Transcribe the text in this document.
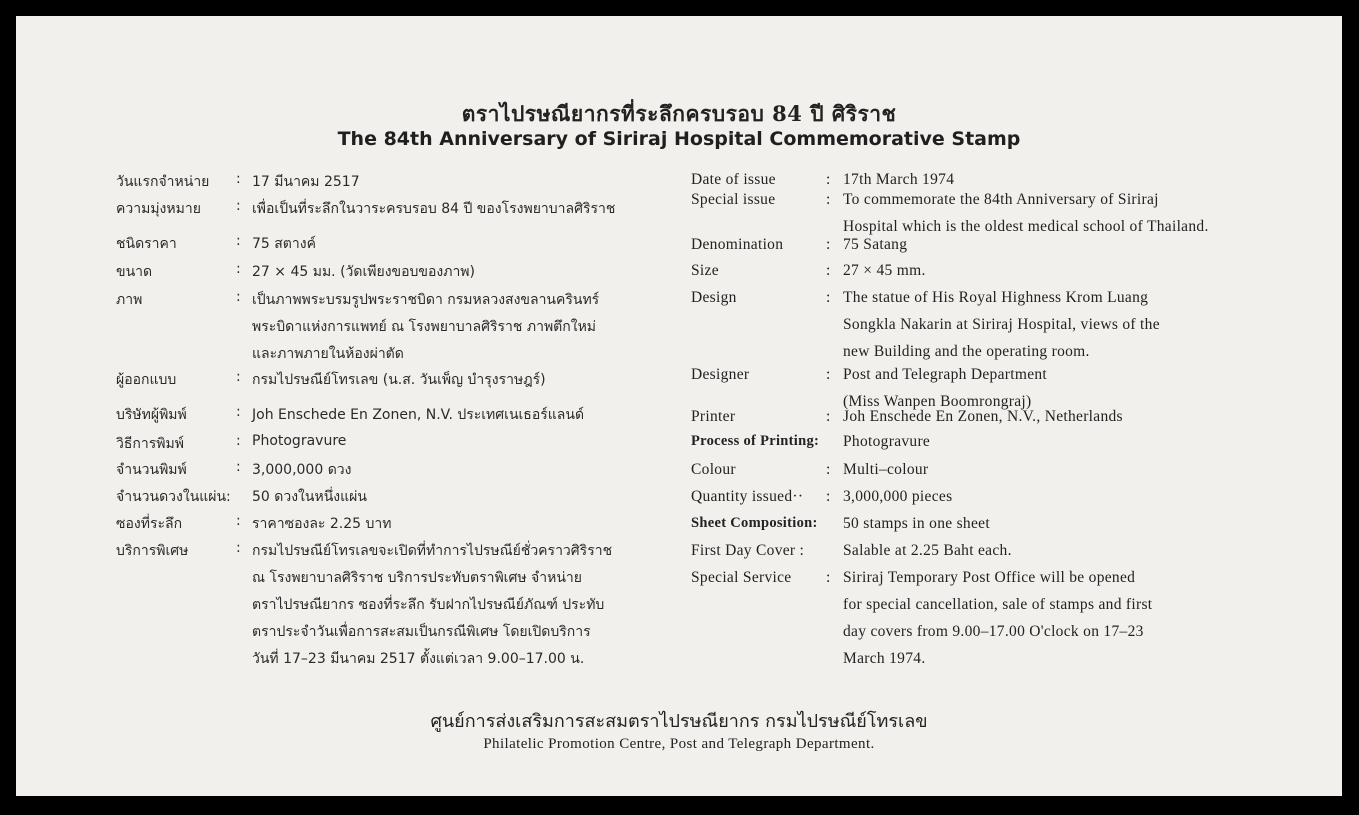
ตราไปรษณียากรที่ระลึกครบรอบ 84 ปี ศิริราช
The 84th Anniversary of Siriraj Hospital Commemorative Stamp
วันแรกจำหน่าย : 17 มีนาคม 2517
ความมุ่งหมาย	: เพื่อเป็นที่ระลึกในวาระครบรอบ 84 ปี ของโรงพยาบาลศิริราช
ชนิดราคา	: 75 สตางค์
ขนาด	: 27 × 45 มม. (วัดเพียงขอบของภาพ)
ภาพ	: เป็นภาพพระบรมรูปพระราชบิดา กรมหลวงสงขลานครินทร์
พระบิดาแห่งการแพทย์ ณ โรงพยาบาลศิริราช ภาพตึกใหม่
และภาพภายในห้องผ่าตัด
ผู้ออกแบบ	: กรมไปรษณีย์โทรเลข (น.ส. วันเพ็ญ บำรุงราษฎร์)
บริษัทผู้พิมพ์	: Joh Enschede En Zonen, N.V. ประเทศเนเธอร์แลนด์
วิธีการพิมพ์	: Photogravure
จำนวนพิมพ์	: 3,000,000 ดวง
จำนวนดวงในแผ่น: 50 ดวงในหนึ่งแผ่น
ซองที่ระลึก	: ราคาซองละ 2.25 บาท
บริการพิเศษ	: กรมไปรษณีย์โทรเลขจะเปิดที่ทำการไปรษณีย์ชั่วคราวศิริราช
ณ โรงพยาบาลศิริราช บริการประทับตราพิเศษ จำหน่าย
ตราไปรษณียากร ซองที่ระลึก รับฝากไปรษณีย์ภัณฑ์ ประทับ
ตราประจำวันเพื่อการสะสมเป็นกรณีพิเศษ โดยเปิดบริการ
วันที่ 17–23 มีนาคม 2517 ตั้งแต่เวลา 9.00–17.00 น.
Date of issue	: 17th March 1974
Special issue	: To commemorate the 84th Anniversary of Siriraj
Hospital which is the oldest medical school of Thailand.
Denomination	: 75 Satang
Size	: 27 × 45 mm.
Design	: The statue of His Royal Highness Krom Luang
Songkla Nakarin at Siriraj Hospital, views of the
new Building and the operating room.
Designer	: Post and Telegraph Department
(Miss Wanpen Boomrongraj)
Printer	: Joh Enschede En Zonen, N.V., Netherlands
Process of Printing: Photogravure
Colour	: Multi–colour
Quantity issued·· : 3,000,000 pieces
Sheet Composition: 50 stamps in one sheet
First Day Cover :	Salable at 2.25 Baht each.
Special Service : Siriraj Temporary Post Office will be opened
for special cancellation, sale of stamps and first
day covers from 9.00–17.00 O'clock on 17–23
March 1974.
ศูนย์การส่งเสริมการสะสมตราไปรษณียากร กรมไปรษณีย์โทรเลข
Philatelic Promotion Centre, Post and Telegraph Department.
